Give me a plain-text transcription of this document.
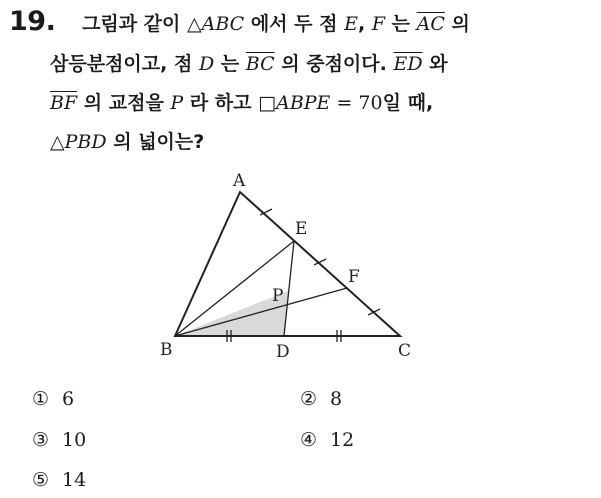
19. 그림과 같이 △ABC 에서 두 점 E, F 는 $\overline{AC}$ 의
삼등분점이고, 점 D 는 $\overline{BC}$ 의 중점이다. $\overline{ED}$ 와
$\overline{BF}$ 의 교점을 P 라 하고 □ABPE = 70일 때,
△PBD 의 넓이는?
A
B	C
D
E
F
P
① 6	② 8
③ 10	④ 12
⑤ 14
